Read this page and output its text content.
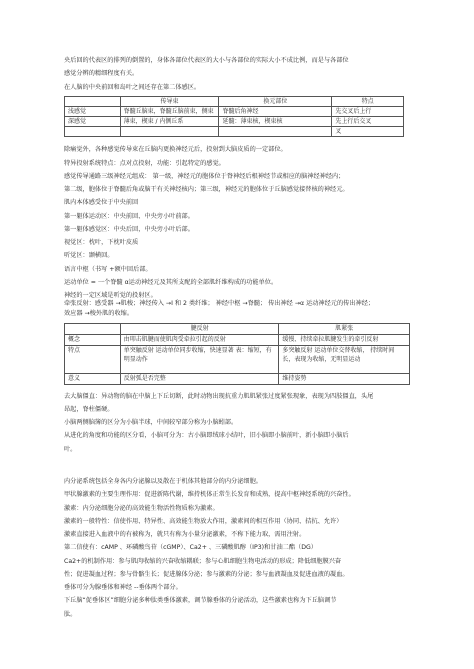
央后回的代表区的排列的倒置的，身体各部位代表区的大小与各部位的实际大小不成比例，而是与各部位
感觉分辨的精细程度有关。
在人脑的中央前回和岛叶之间还存在第二体感区。
	传导束	换元部位	特点
浅感觉	脊髓丘脑束，脊髓丘脑前束，侧束	脊髓后角神经	先交叉后上行
深感觉	薄束，楔束 / 内侧丘系	延髓：薄束核，楔束核	先上行后交叉
			叉
除痛觉外，各种感觉传导束在丘脑内更换神经元后，投射到大脑皮质的一定部位。
特异投射系统特点：点对点投射，功能：引起特定的感觉。
感觉传导通路三级神经元组成： 第一级，神经元的胞体位于脊神经后根神经节或相应的脑神经神经内；
第二级，胞体位于脊髓后角或脑干有关神经核内；第三级，神经元的胞体位于丘脑感觉接替核的神经元。
肌内本体感受位于中央前回
第一躯体运动区：中央前回、中央旁小叶前部。
第一躯体感觉区：中央后回，中央旁小叶后部。
视觉区：枕叶，下枕叶皮质
听觉区：颞横回。
语言中枢（书写 +额中回后部。
运动单位 = 一个脊髓 α运动神经元及其所支配的全部肌纤维构成的功能单位。
神经的一定区域是听觉的投射区。
牵张反射：感受器 →肌梭；神经传入 →I 和 2 类纤维； 神经中枢 →脊髓； 传出神经 →α 运动神经元的传出神经；
效应器 →梭外肌的收缩。
	腱反射	肌紧张
概念	由叩击肌腱而使肌肉受牵拉引起的反射	缓慢、持续牵拉肌腱发生的牵引反射
特点	单突触反射 运动单位同步收缩，快速显著 表：缩短，有明显动作	多突触反射 运动单位交替收缩， 持续时间长，表现为收缩，无明显运动
意义	反射弧是否完整	维持姿势
去大脑僵直：异动物的脑在中脑上下丘切断，此时动物出现抗重力肌肌紧张过度紧张现象，表现为四肢僵直，头尾
昂起，脊柱僵硬。
小脑两侧脑簿的区分为小脑半球，中间较窄部分称为小脑蚓部。
从进化的角度和功能的区分看，小脑可分为：古小脑即绒球小结叶，旧小脑即小脑前叶，新小脑即小脑后
叶。
内分泌系统包括全身各内分泌腺以及散在于机体其他部分的内分泌细胞。
甲状腺激素的主要生理作用：促进新陈代谢，维持机体正常生长发育和成熟，提高中枢神经系统的兴奋性。
激素：内分泌细胞分泌的高效能生物活性物质称为激素。
激素的一般特性：信使作用、特异性、高效能生物放大作用，激素间的相互作用（协同、拮抗、允许）
激素直接进入血液中的有被称为，就只有称为小量分泌激素，不称下能力取，需用注射。
第二信使有：cAMP 、环磷酸鸟苷（cGMP）、Ca2+ 、三磷酸肌醇（IP3)和甘油二酯（DG）
Ca2+的机制作用：参与肌肉收缩的兴奋收缩耦联；参与心肌细胞生物电活动的形成；降低细胞膜兴奋
性；促进凝血过程；参与骨骼生长；促进腺体分泌；参与激素的分泌；参与血液凝血及促进血液的凝血。
垂体可分为腺垂体和神经 --垂体两个部分。
下丘脑“促垂体区”细胞分泌多种肽类垂体激素，调节腺垂体的分泌活动，这些激素也称为下丘脑调节
肽。
